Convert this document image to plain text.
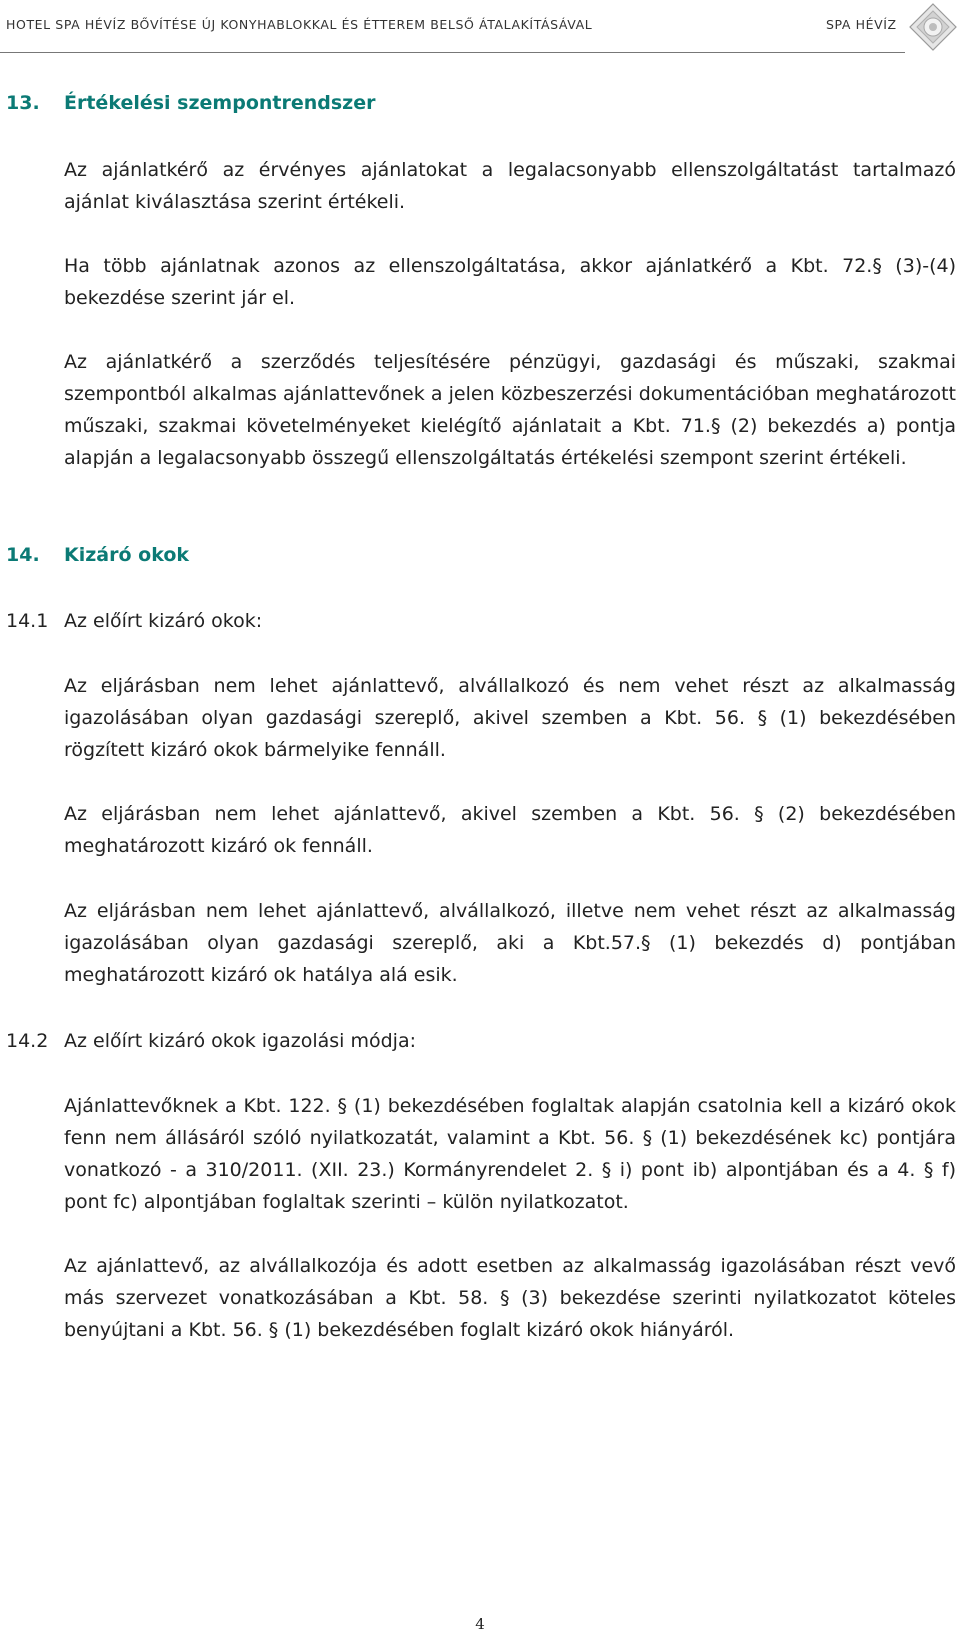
HOTEL SPA HÉVÍZ BŐVÍTÉSE ÚJ KONYHABLOKKAL ÉS ÉTTEREM BELSŐ ÁTALAKÍTÁSÁVAL	SPA HÉVÍZ
13. Értékelési szempontrendszer

Az ajánlatkérő az érvényes ajánlatokat a legalacsonyabb ellenszolgáltatást tartalmazó ajánlat kiválasztása szerint értékeli.

Ha több ajánlatnak azonos az ellenszolgáltatása, akkor ajánlatkérő a Kbt. 72.§ (3)-(4) bekezdése szerint jár el.

Az ajánlatkérő a szerződés teljesítésére pénzügyi, gazdasági és műszaki, szakmai szempontból alkalmas ajánlattevőnek a jelen közbeszerzési dokumentációban meghatározott műszaki, szakmai követelményeket kielégítő ajánlatait a Kbt. 71.§ (2) bekezdés a) pontja alapján a legalacsonyabb összegű ellenszolgáltatás értékelési szempont szerint értékeli.

14. Kizáró okok
14.1 Az előírt kizáró okok:

Az eljárásban nem lehet ajánlattevő, alvállalkozó és nem vehet részt az alkalmasság igazolásában olyan gazdasági szereplő, akivel szemben a Kbt. 56. § (1) bekezdésében rögzített kizáró okok bármelyike fennáll.

Az eljárásban nem lehet ajánlattevő, akivel szemben a Kbt. 56. § (2) bekezdésében meghatározott kizáró ok fennáll.

Az eljárásban nem lehet ajánlattevő, alvállalkozó, illetve nem vehet részt az alkalmasság igazolásában olyan gazdasági szereplő, aki a Kbt.57.§ (1) bekezdés d) pontjában meghatározott kizáró ok hatálya alá esik.

14.2 Az előírt kizáró okok igazolási módja:

Ajánlattevőknek a Kbt. 122. § (1) bekezdésében foglaltak alapján csatolnia kell a kizáró okok fenn nem állásáról szóló nyilatkozatát, valamint a Kbt. 56. § (1) bekezdésének kc) pontjára vonatkozó - a 310/2011. (XII. 23.) Kormányrendelet 2. § i) pont ib) alpontjában és a 4. § f) pont fc) alpontjában foglaltak szerinti – külön nyilatkozatot.

Az ajánlattevő, az alvállalkozója és adott esetben az alkalmasság igazolásában részt vevő más szervezet vonatkozásában a Kbt. 58. § (3) bekezdése szerinti nyilatkozatot köteles benyújtani a Kbt. 56. § (1) bekezdésében foglalt kizáró okok hiányáról.

4
